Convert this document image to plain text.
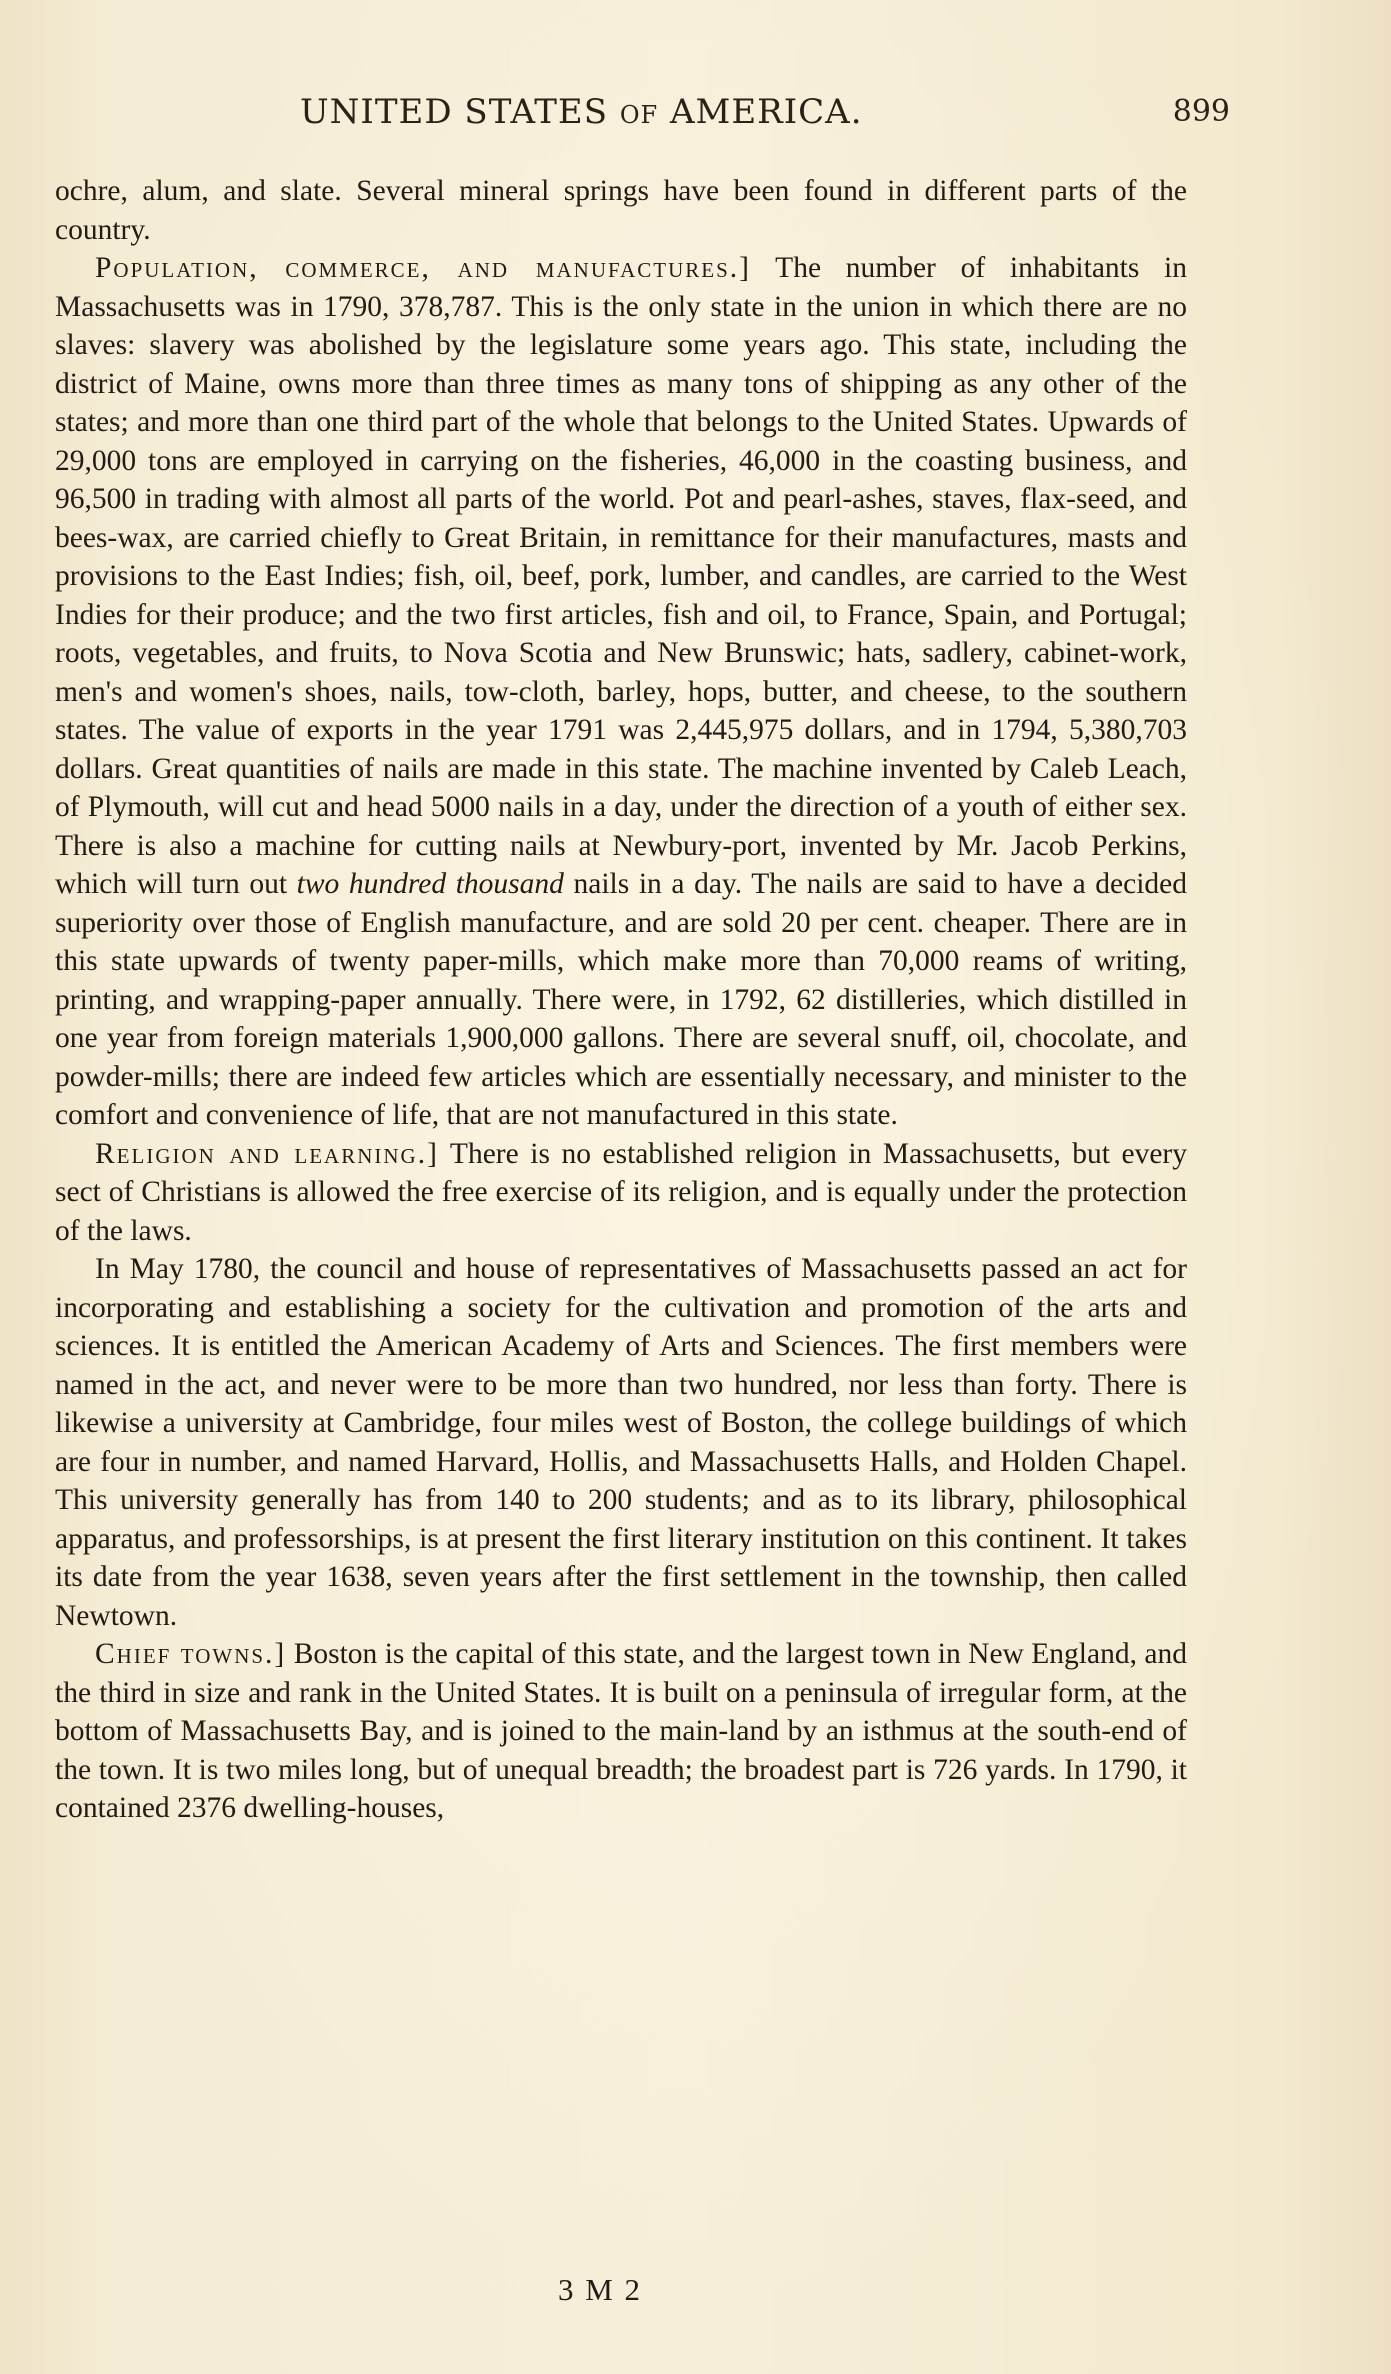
UNITED STATES OF AMERICA.	899

ochre, alum, and slate. Several mineral springs have been found in different parts of the country.

Population, commerce, and manufactures.] The number of inhabitants in Massachusetts was in 1790, 378,787. This is the only state in the union in which there are no slaves: slavery was abolished by the legislature some years ago. This state, including the district of Maine, owns more than three times as many tons of shipping as any other of the states; and more than one third part of the whole that belongs to the United States. Upwards of 29,000 tons are employed in carrying on the fisheries, 46,000 in the coasting business, and 96,500 in trading with almost all parts of the world. Pot and pearl-ashes, staves, flax-seed, and bees-wax, are carried chiefly to Great Britain, in remittance for their manufactures, masts and provisions to the East Indies; fish, oil, beef, pork, lumber, and candles, are carried to the West Indies for their produce; and the two first articles, fish and oil, to France, Spain, and Portugal; roots, vegetables, and fruits, to Nova Scotia and New Brunswic; hats, sadlery, cabinet-work, men's and women's shoes, nails, tow-cloth, barley, hops, butter, and cheese, to the southern states. The value of exports in the year 1791 was 2,445,975 dollars, and in 1794, 5,380,703 dollars. Great quantities of nails are made in this state. The machine invented by Caleb Leach, of Plymouth, will cut and head 5000 nails in a day, under the direction of a youth of either sex. There is also a machine for cutting nails at Newbury-port, invented by Mr. Jacob Perkins, which will turn out two hundred thousand nails in a day. The nails are said to have a decided superiority over those of English manufacture, and are sold 20 per cent. cheaper. There are in this state upwards of twenty paper-mills, which make more than 70,000 reams of writing, printing, and wrapping-paper annually. There were, in 1792, 62 distilleries, which distilled in one year from foreign materials 1,900,000 gallons. There are several snuff, oil, chocolate, and powder-mills; there are indeed few articles which are essentially necessary, and minister to the comfort and convenience of life, that are not manufactured in this state.

Religion and learning.] There is no established religion in Massachusetts, but every sect of Christians is allowed the free exercise of its religion, and is equally under the protection of the laws.

In May 1780, the council and house of representatives of Massachusetts passed an act for incorporating and establishing a society for the cultivation and promotion of the arts and sciences. It is entitled the American Academy of Arts and Sciences. The first members were named in the act, and never were to be more than two hundred, nor less than forty. There is likewise a university at Cambridge, four miles west of Boston, the college buildings of which are four in number, and named Harvard, Hollis, and Massachusetts Halls, and Holden Chapel. This university generally has from 140 to 200 students; and as to its library, philosophical apparatus, and professorships, is at present the first literary institution on this continent. It takes its date from the year 1638, seven years after the first settlement in the township, then called Newtown.

Chief towns.] Boston is the capital of this state, and the largest town in New England, and the third in size and rank in the United States. It is built on a peninsula of irregular form, at the bottom of Massachusetts Bay, and is joined to the main-land by an isthmus at the south-end of the town. It is two miles long, but of unequal breadth; the broadest part is 726 yards. In 1790, it contained 2376 dwelling-houses,

3 M 2
